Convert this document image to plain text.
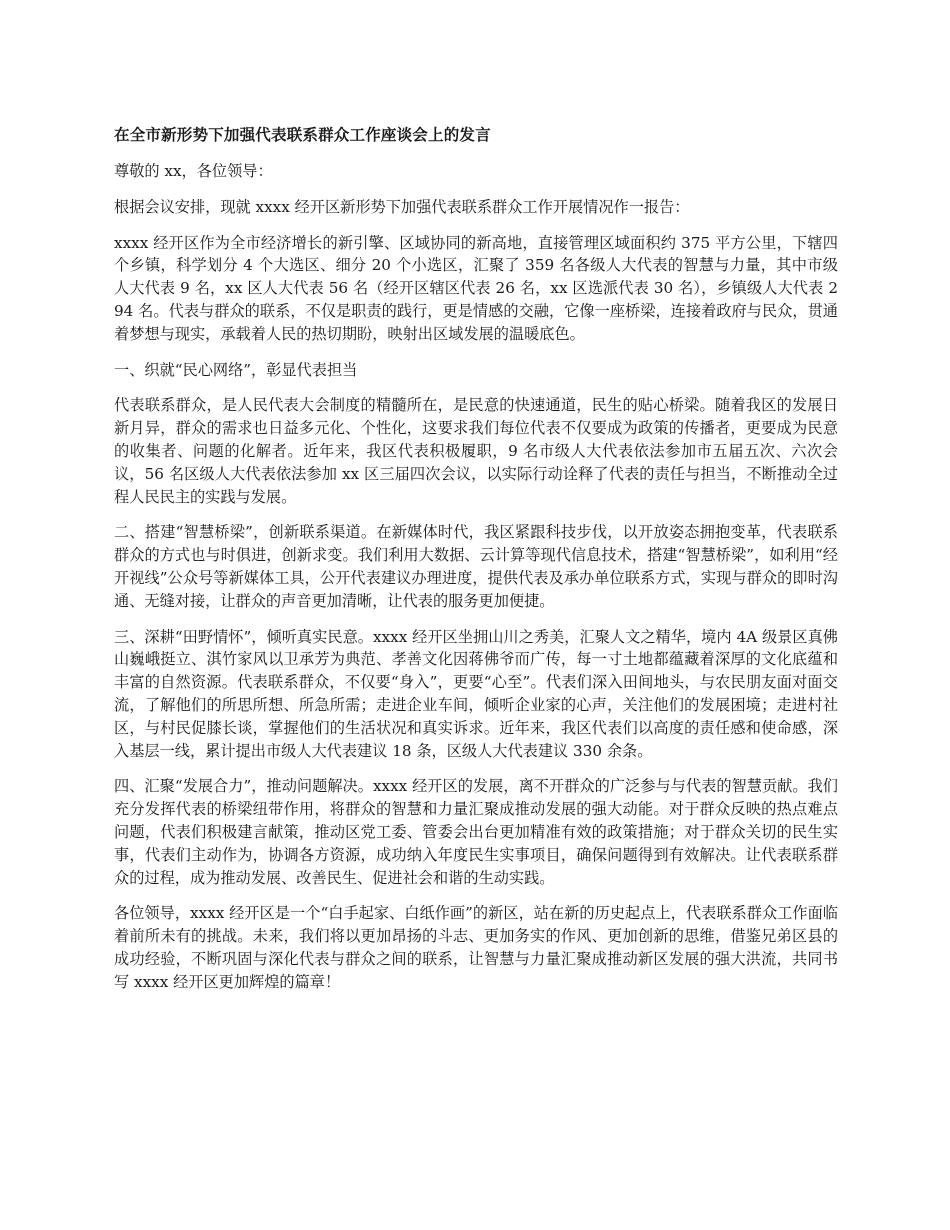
在全市新形势下加强代表联系群众工作座谈会上的发言

尊敬的 xx，各位领导：

根据会议安排，现就 xxxx 经开区新形势下加强代表联系群众工作开展情况作一报告：

xxxx 经开区作为全市经济增长的新引擎、区域协同的新高地，直接管理区域面积约 375 平方公里，下辖四个乡镇，科学划分 4 个大选区、细分 20 个小选区，汇聚了 359 名各级人大代表的智慧与力量，其中市级人大代表 9 名，xx 区人大代表 56 名（经开区辖区代表 26 名，xx 区选派代表 30 名），乡镇级人大代表 294 名。代表与群众的联系，不仅是职责的践行，更是情感的交融，它像一座桥梁，连接着政府与民众，贯通着梦想与现实，承载着人民的热切期盼，映射出区域发展的温暖底色。

一、织就“民心网络”，彰显代表担当

代表联系群众，是人民代表大会制度的精髓所在，是民意的快速通道，民生的贴心桥梁。随着我区的发展日新月异，群众的需求也日益多元化、个性化，这要求我们每位代表不仅要成为政策的传播者，更要成为民意的收集者、问题的化解者。近年来，我区代表积极履职，9 名市级人大代表依法参加市五届五次、六次会议，56 名区级人大代表依法参加 xx 区三届四次会议，以实际行动诠释了代表的责任与担当，不断推动全过程人民民主的实践与发展。

二、搭建“智慧桥梁”，创新联系渠道。在新媒体时代，我区紧跟科技步伐，以开放姿态拥抱变革，代表联系群众的方式也与时俱进，创新求变。我们利用大数据、云计算等现代信息技术，搭建“智慧桥梁”，如利用“经开视线”公众号等新媒体工具，公开代表建议办理进度，提供代表及承办单位联系方式，实现与群众的即时沟通、无缝对接，让群众的声音更加清晰，让代表的服务更加便捷。

三、深耕“田野情怀”，倾听真实民意。xxxx 经开区坐拥山川之秀美，汇聚人文之精华，境内 4A 级景区真佛山巍峨挺立、淇竹家风以卫承芳为典范、孝善文化因蒋佛爷而广传，每一寸土地都蕴藏着深厚的文化底蕴和丰富的自然资源。代表联系群众，不仅要“身入”，更要“心至”。代表们深入田间地头，与农民朋友面对面交流，了解他们的所思所想、所急所需；走进企业车间，倾听企业家的心声，关注他们的发展困境；走进村社区，与村民促膝长谈，掌握他们的生活状况和真实诉求。近年来，我区代表们以高度的责任感和使命感，深入基层一线，累计提出市级人大代表建议 18 条，区级人大代表建议 330 余条。

四、汇聚“发展合力”，推动问题解决。xxxx 经开区的发展，离不开群众的广泛参与与代表的智慧贡献。我们充分发挥代表的桥梁纽带作用，将群众的智慧和力量汇聚成推动发展的强大动能。对于群众反映的热点难点问题，代表们积极建言献策，推动区党工委、管委会出台更加精准有效的政策措施；对于群众关切的民生实事，代表们主动作为，协调各方资源，成功纳入年度民生实事项目，确保问题得到有效解决。让代表联系群众的过程，成为推动发展、改善民生、促进社会和谐的生动实践。

各位领导，xxxx 经开区是一个“白手起家、白纸作画”的新区，站在新的历史起点上，代表联系群众工作面临着前所未有的挑战。未来，我们将以更加昂扬的斗志、更加务实的作风、更加创新的思维，借鉴兄弟区县的成功经验，不断巩固与深化代表与群众之间的联系，让智慧与力量汇聚成推动新区发展的强大洪流，共同书写 xxxx 经开区更加辉煌的篇章！
